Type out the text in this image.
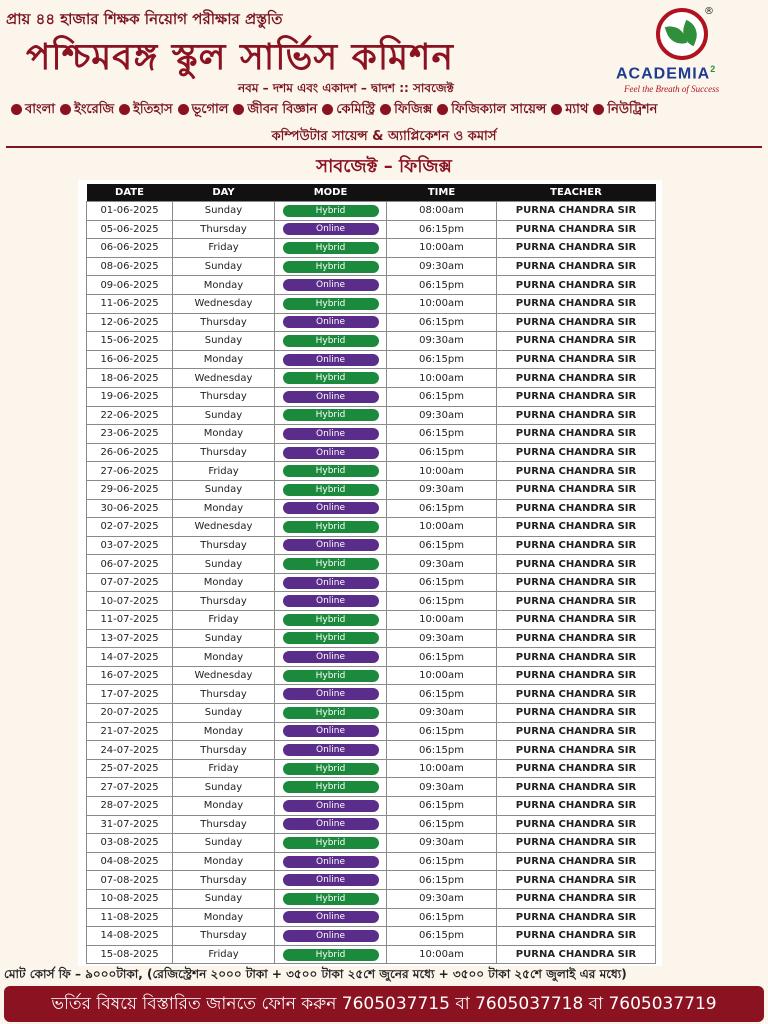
প্রায় ৪৪ হাজার শিক্ষক নিয়োগ পরীক্ষার প্রস্তুতি
পশ্চিমবঙ্গ স্কুল সার্ভিস কমিশন
নবম – দশম এবং একাদশ – দ্বাদশ :: সাবজেক্ট
®
ACADEMIA$^2$
Feel the Breath of Success
বাংলা ইংরেজি ইতিহাস ভূগোল জীবন বিজ্ঞান কেমিস্ট্রি ফিজিক্স ফিজিক্যাল সায়েন্স ম্যাথ নিউট্রিশন
কম্পিউটার সায়েন্স & অ্যাপ্লিকেশন ও কমার্স
সাবজেক্ট – ফিজিক্স
DATE	DAY	MODE	TIME	TEACHER
01-06-2025	Sunday	Hybrid	08:00am	PURNA CHANDRA SIR
05-06-2025	Thursday	Online	06:15pm	PURNA CHANDRA SIR
06-06-2025	Friday	Hybrid	10:00am	PURNA CHANDRA SIR
08-06-2025	Sunday	Hybrid	09:30am	PURNA CHANDRA SIR
09-06-2025	Monday	Online	06:15pm	PURNA CHANDRA SIR
11-06-2025	Wednesday	Hybrid	10:00am	PURNA CHANDRA SIR
12-06-2025	Thursday	Online	06:15pm	PURNA CHANDRA SIR
15-06-2025	Sunday	Hybrid	09:30am	PURNA CHANDRA SIR
16-06-2025	Monday	Online	06:15pm	PURNA CHANDRA SIR
18-06-2025	Wednesday	Hybrid	10:00am	PURNA CHANDRA SIR
19-06-2025	Thursday	Online	06:15pm	PURNA CHANDRA SIR
22-06-2025	Sunday	Hybrid	09:30am	PURNA CHANDRA SIR
23-06-2025	Monday	Online	06:15pm	PURNA CHANDRA SIR
26-06-2025	Thursday	Online	06:15pm	PURNA CHANDRA SIR
27-06-2025	Friday	Hybrid	10:00am	PURNA CHANDRA SIR
29-06-2025	Sunday	Hybrid	09:30am	PURNA CHANDRA SIR
30-06-2025	Monday	Online	06:15pm	PURNA CHANDRA SIR
02-07-2025	Wednesday	Hybrid	10:00am	PURNA CHANDRA SIR
03-07-2025	Thursday	Online	06:15pm	PURNA CHANDRA SIR
06-07-2025	Sunday	Hybrid	09:30am	PURNA CHANDRA SIR
07-07-2025	Monday	Online	06:15pm	PURNA CHANDRA SIR
10-07-2025	Thursday	Online	06:15pm	PURNA CHANDRA SIR
11-07-2025	Friday	Hybrid	10:00am	PURNA CHANDRA SIR
13-07-2025	Sunday	Hybrid	09:30am	PURNA CHANDRA SIR
14-07-2025	Monday	Online	06:15pm	PURNA CHANDRA SIR
16-07-2025	Wednesday	Hybrid	10:00am	PURNA CHANDRA SIR
17-07-2025	Thursday	Online	06:15pm	PURNA CHANDRA SIR
20-07-2025	Sunday	Hybrid	09:30am	PURNA CHANDRA SIR
21-07-2025	Monday	Online	06:15pm	PURNA CHANDRA SIR
24-07-2025	Thursday	Online	06:15pm	PURNA CHANDRA SIR
25-07-2025	Friday	Hybrid	10:00am	PURNA CHANDRA SIR
27-07-2025	Sunday	Hybrid	09:30am	PURNA CHANDRA SIR
28-07-2025	Monday	Online	06:15pm	PURNA CHANDRA SIR
31-07-2025	Thursday	Online	06:15pm	PURNA CHANDRA SIR
03-08-2025	Sunday	Hybrid	09:30am	PURNA CHANDRA SIR
04-08-2025	Monday	Online	06:15pm	PURNA CHANDRA SIR
07-08-2025	Thursday	Online	06:15pm	PURNA CHANDRA SIR
10-08-2025	Sunday	Hybrid	09:30am	PURNA CHANDRA SIR
11-08-2025	Monday	Online	06:15pm	PURNA CHANDRA SIR
14-08-2025	Thursday	Online	06:15pm	PURNA CHANDRA SIR
15-08-2025	Friday	Hybrid	10:00am	PURNA CHANDRA SIR
মোট কোর্স ফি – ৯০০০টাকা, (রেজিস্ট্রেশন ২০০০ টাকা + ৩৫০০ টাকা ২৫শে জুনের মধ্যে + ৩৫০০ টাকা ২৫শে জুলাই এর মধ্যে)
ভর্তির বিষয়ে বিস্তারিত জানতে ফোন করুন 7605037715 বা 7605037718 বা 7605037719
